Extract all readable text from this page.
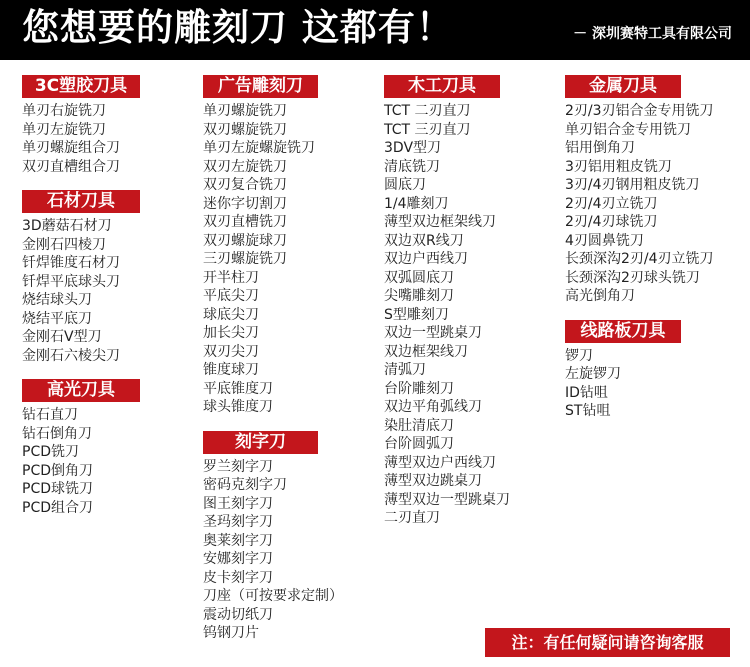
您想要的雕刻刀 这都有！	－ 深圳赛特工具有限公司
3C塑胶刀具
单刃右旋铣刀
单刃左旋铣刀
单刃螺旋组合刀
双刃直槽组合刀
石材刀具
3D蘑菇石材刀
金刚石四棱刀
钎焊锥度石材刀
钎焊平底球头刀
烧结球头刀
烧结平底刀
金刚石V型刀
金刚石六棱尖刀
高光刀具
钻石直刀
钻石倒角刀
PCD铣刀
PCD倒角刀
PCD球铣刀
PCD组合刀
广告雕刻刀
单刃螺旋铣刀
双刃螺旋铣刀
单刃左旋螺旋铣刀
双刃左旋铣刀
双刃复合铣刀
迷你字切割刀
双刃直槽铣刀
双刃螺旋球刀
三刃螺旋铣刀
开半柱刀
平底尖刀
球底尖刀
加长尖刀
双刃尖刀
锥度球刀
平底锥度刀
球头锥度刀
刻字刀
罗兰刻字刀
密码克刻字刀
图王刻字刀
圣玛刻字刀
奥莱刻字刀
安娜刻字刀
皮卡刻字刀
刀座（可按要求定制）
震动切纸刀
钨钢刀片
木工刀具
TCT 二刃直刀
TCT 三刃直刀
3DV型刀
清底铣刀
圆底刀
1/4雕刻刀
薄型双边框架线刀
双边双R线刀
双边户西线刀
双弧圆底刀
尖嘴雕刻刀
S型雕刻刀
双边一型跳桌刀
双边框架线刀
清弧刀
台阶雕刻刀
双边平角弧线刀
染肚清底刀
台阶圆弧刀
薄型双边户西线刀
薄型双边跳桌刀
薄型双边一型跳桌刀
二刃直刀
金属刀具
2刃/3刃铝合金专用铣刀
单刃铝合金专用铣刀
铝用倒角刀
3刃铝用粗皮铣刀
3刃/4刃钢用粗皮铣刀
2刃/4刃立铣刀
2刃/4刃球铣刀
4刃圆鼻铣刀
长颈深沟2刃/4刃立铣刀
长颈深沟2刃球头铣刀
高光倒角刀
线路板刀具
锣刀
左旋锣刀
ID钻咀
ST钻咀
注：有任何疑问请咨询客服
